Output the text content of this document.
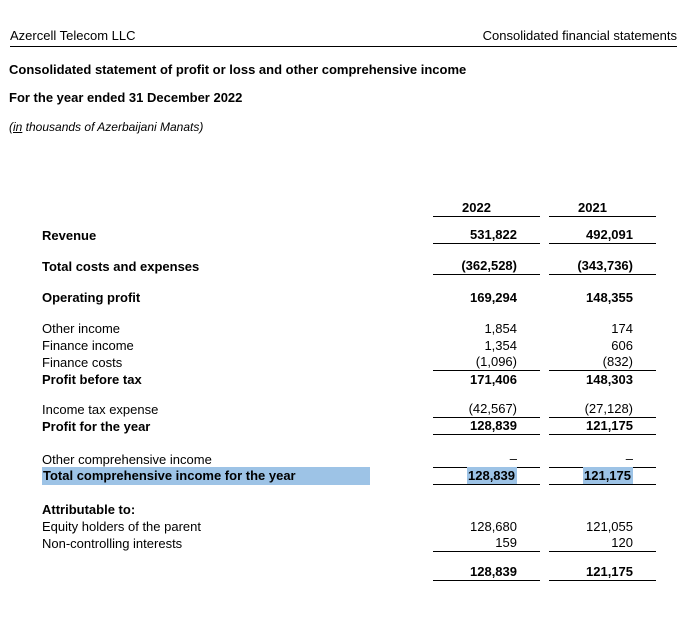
Azercell Telecom LLC	Consolidated financial statements
Consolidated statement of profit or loss and other comprehensive income
For the year ended 31 December 2022
(in thousands of Azerbaijani Manats)
2022	2021
Revenue	531,822	492,091
Total costs and expenses	(362,528)	(343,736)
Operating profit	169,294	148,355
Other income	1,854	174
Finance income	1,354	606
Finance costs	(1,096)	(832)
Profit before tax	171,406	148,303
Income tax expense	(42,567)	(27,128)
Profit for the year	128,839	121,175
Other comprehensive income	–	–
Total comprehensive income for the year	128,839	121,175
Attributable to:
Equity holders of the parent	128,680	121,055
Non-controlling interests	159	120
128,839	121,175
